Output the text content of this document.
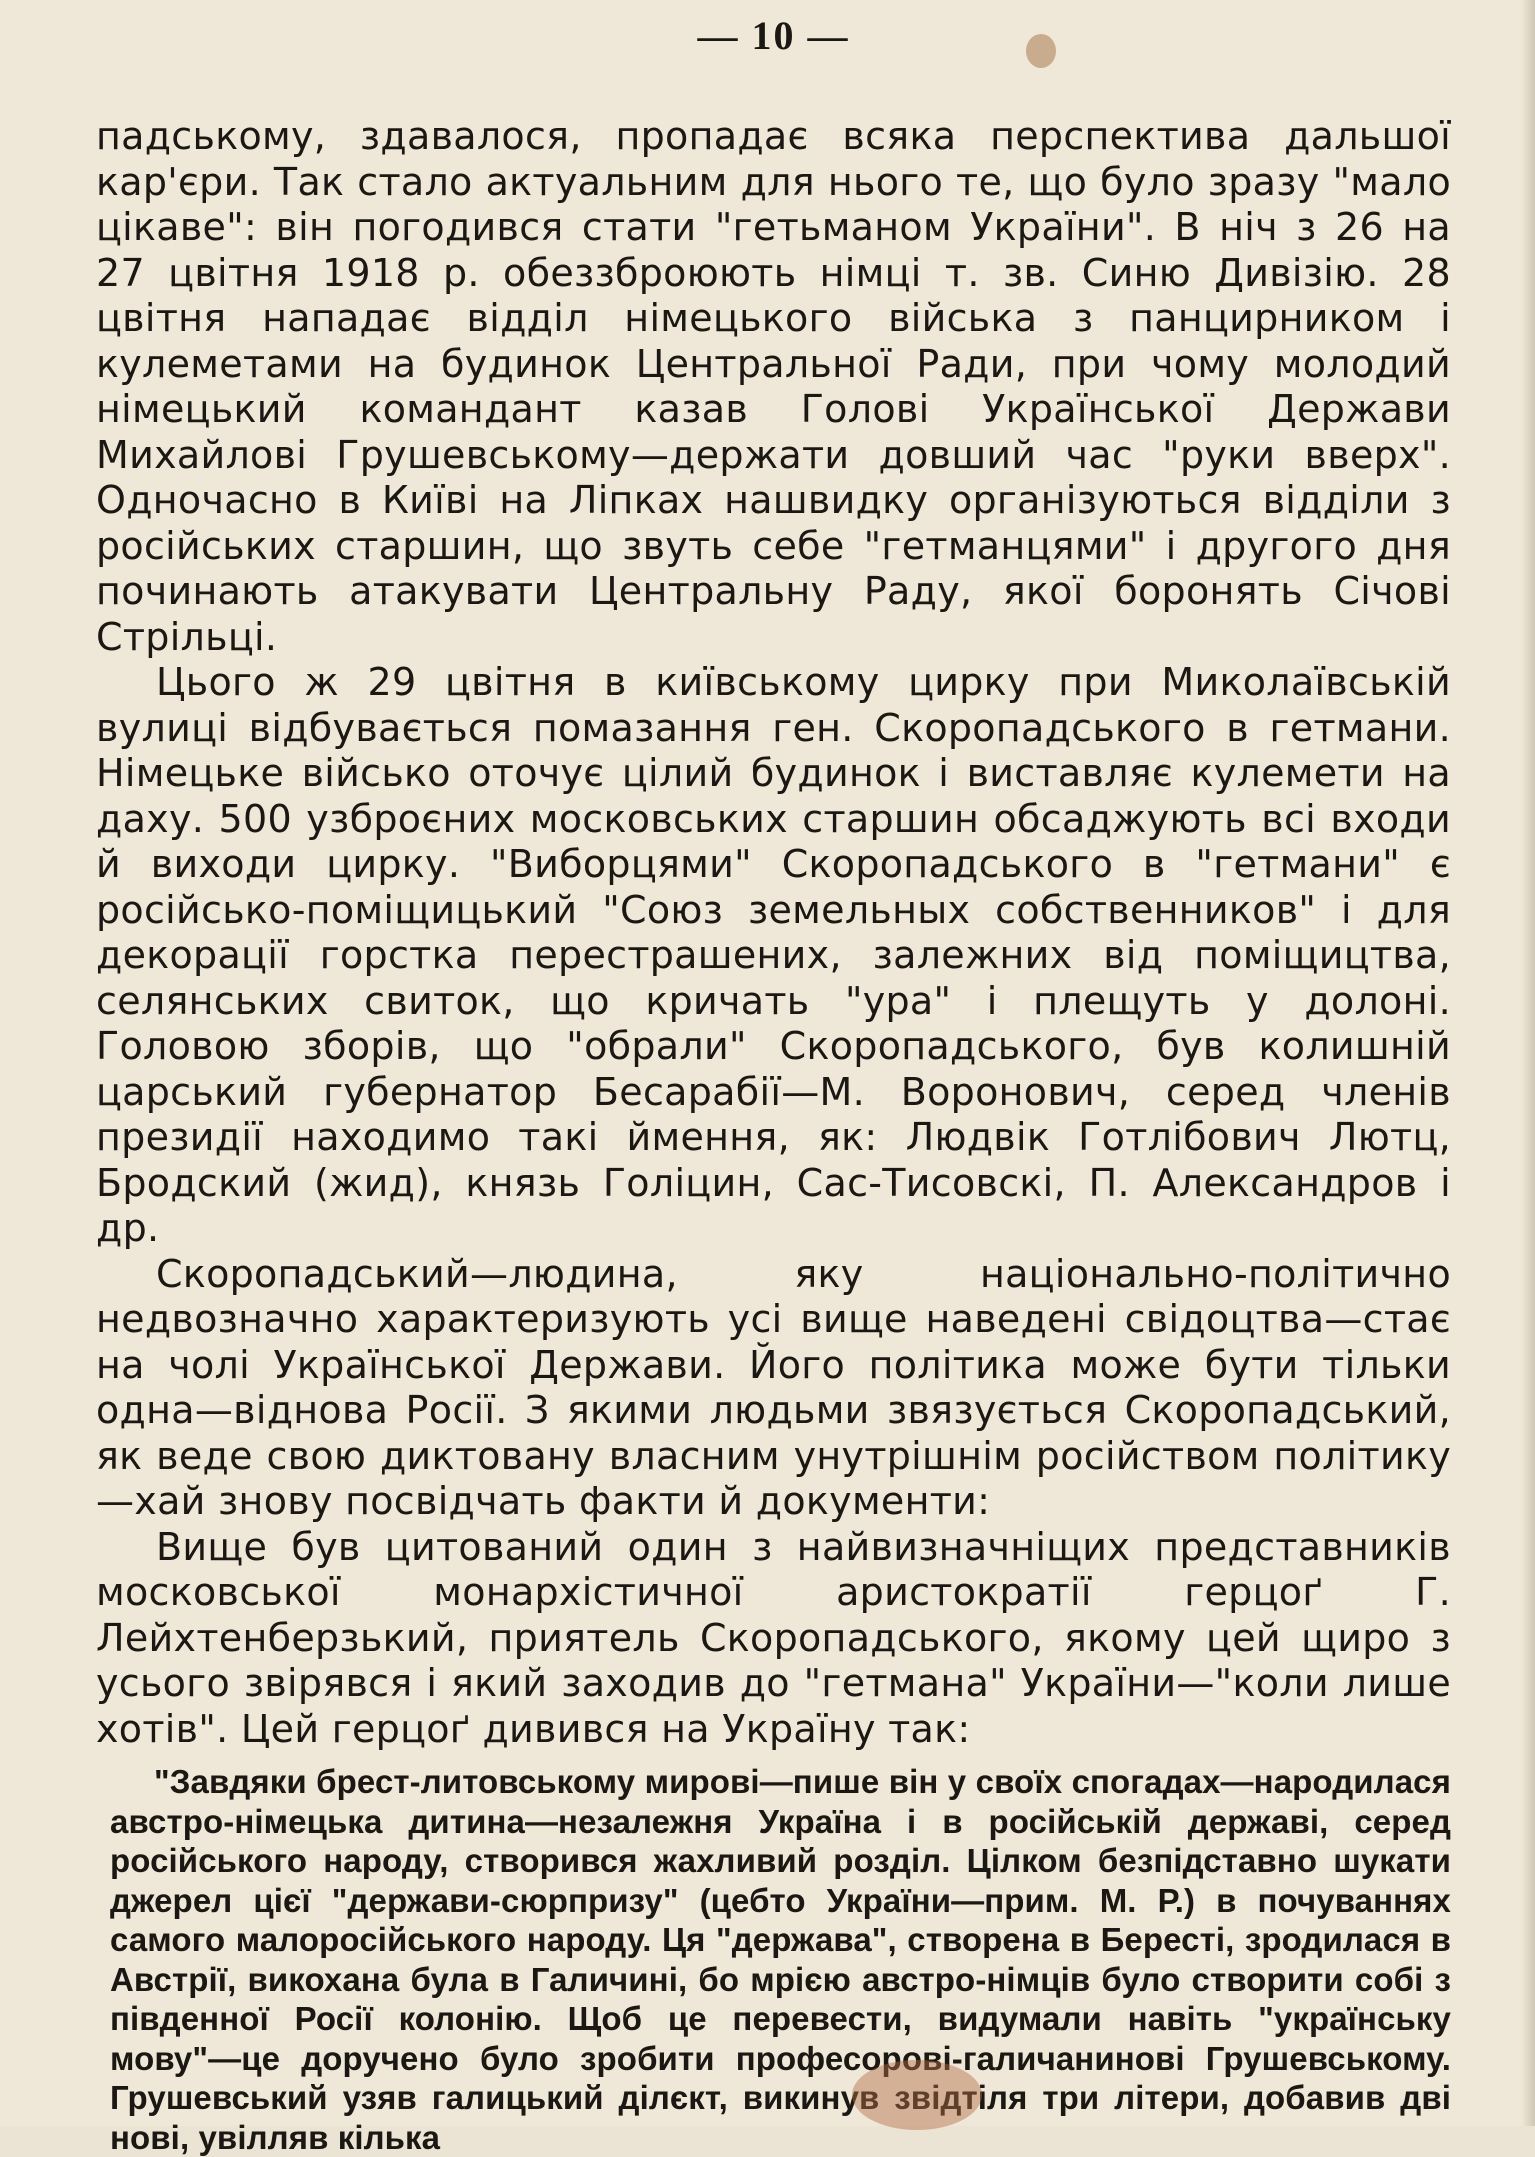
— 10 —

падському, здавалося, пропадає всяка перспектива дальшої кар'єри. Так стало актуальним для нього те, що було зразу "мало цікаве": він погодився стати "гетьманом України". В ніч з 26 на 27 цвітня 1918 р. обеззброюють німці т. зв. Синю Дивізію. 28 цвітня нападає відділ німецького війська з панцирником і кулеметами на будинок Центральної Ради, при чому молодий німецький командант казав Голові Української Держави Михайлові Грушевському—держати довший час "руки вверх". Одночасно в Київі на Ліпках нашвидку організуються відділи з російських старшин, що звуть себе "гетманцями" і другого дня починають атакувати Центральну Раду, якої боронять Січові Стрільці.

Цього ж 29 цвітня в київському цирку при Миколаївській вулиці відбувається помазання ген. Скоропадського в гетмани. Німецьке військо оточує цілий будинок і виставляє кулемети на даху. 500 узброєних московських старшин обсаджують всі входи й виходи цирку. "Виборцями" Скоропадського в "гетмани" є російсько-поміщицький "Союз земельных собственников" і для декорації горстка перестрашених, залежних від поміщицтва, селянських свиток, що кричать "ура" і плещуть у долоні. Головою зборів, що "обрали" Скоропадського, був колишній царський губернатор Бесарабії—М. Воронович, серед членів президії находимо такі ймення, як: Людвік Готлібович Лютц, Бродский (жид), князь Голіцин, Сас-Тисовскі, П. Александров і др.

Скоропадський—людина, яку національно-політично недвозначно характеризують усі вище наведені свідоцтва—стає на чолі Української Держави. Його політика може бути тільки одна—віднова Росії. З якими людьми звязується Скоропадський, як веде свою диктовану власним унутрішнім російством політику—хай знову посвідчать факти й документи:

Вище був цитований один з найвизначніщих представників московської монархістичної аристократії герцоґ Г. Лейхтенберзький, приятель Скоропадського, якому цей щиро з усього звірявся і який заходив до "гетмана" України—"коли лише хотів". Цей герцоґ дивився на Україну так:

"Завдяки брест-литовському мирові—пише він у своїх спогадах—народилася австро-німецька дитина—незалежня Україна і в російській державі, серед російського народу, створився жахливий розділ. Цілком безпідставно шукати джерел цієї "держави-сюрпризу" (цебто України—прим. М. Р.) в почуваннях самого малоросійського народу. Ця "держава", створена в Бересті, зродилася в Австрії, викохана була в Галичині, бо мрією австро-німців було створити собі з південної Росії колонію. Щоб це перевести, видумали навіть "українську мову"—це доручено було зробити професорові-галичанинові Грушевському. Грушевський узяв галицький ділєкт, викинув звідтіля три літери, добавив дві нові, увілляв кілька
